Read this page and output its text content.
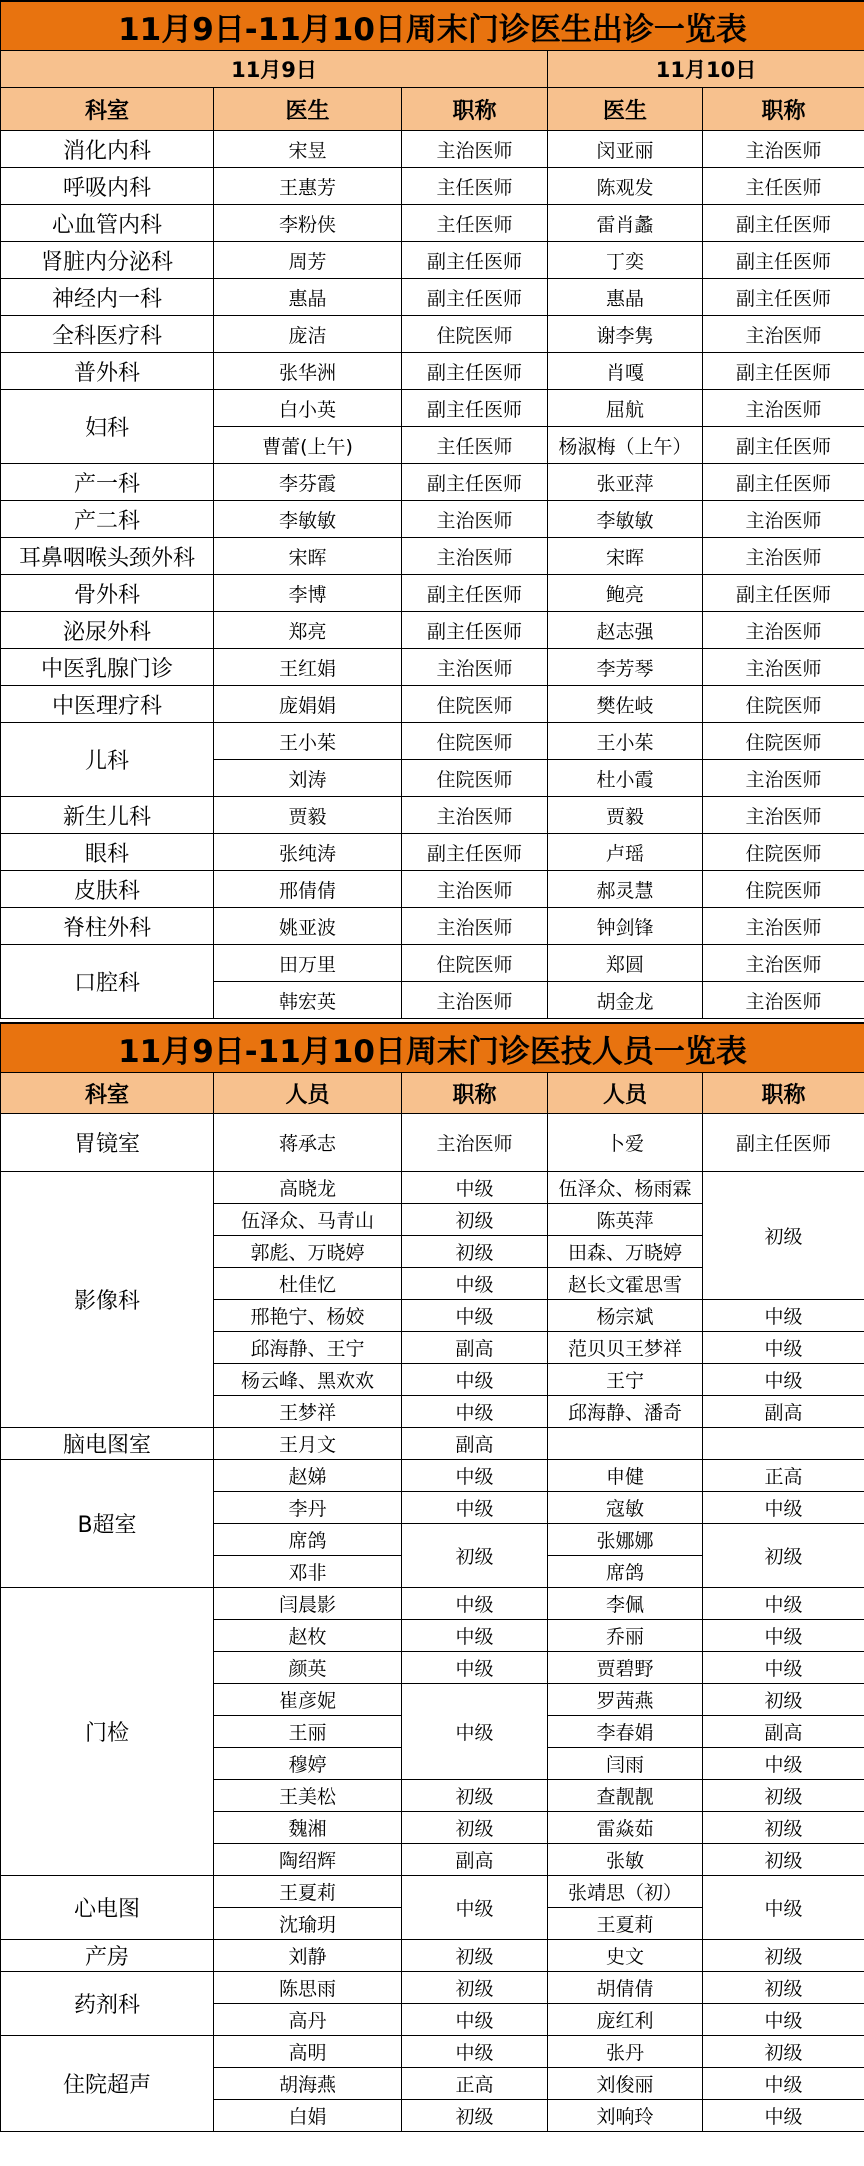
11月9日-11月10日周末门诊医生出诊一览表				
11月9日			11月10日	
科室	医生	职称	医生	职称
消化内科	宋昱	主治医师	闵亚丽	主治医师
呼吸内科	王惠芳	主任医师	陈观发	主任医师
心血管内科	李粉侠	主任医师	雷肖蠡	副主任医师
肾脏内分泌科	周芳	副主任医师	丁奕	副主任医师
神经内一科	惠晶	副主任医师	惠晶	副主任医师
全科医疗科	庞洁	住院医师	谢李隽	主治医师
普外科	张华洲	副主任医师	肖嘎	副主任医师
妇科	白小英	副主任医师	屈航	主治医师
	曹蕾(上午)	主任医师	杨淑梅（上午）	副主任医师
产一科	李芬霞	副主任医师	张亚萍	副主任医师
产二科	李敏敏	主治医师	李敏敏	主治医师
耳鼻咽喉头颈外科	宋晖	主治医师	宋晖	主治医师
骨外科	李博	副主任医师	鲍亮	副主任医师
泌尿外科	郑亮	副主任医师	赵志强	主治医师
中医乳腺门诊	王红娟	主治医师	李芳琴	主治医师
中医理疗科	庞娟娟	住院医师	樊佐岐	住院医师
儿科	王小茱	住院医师	王小茱	住院医师
	刘涛	住院医师	杜小霞	主治医师
新生儿科	贾毅	主治医师	贾毅	主治医师
眼科	张纯涛	副主任医师	卢瑶	住院医师
皮肤科	邢倩倩	主治医师	郝灵慧	住院医师
脊柱外科	姚亚波	主治医师	钟剑锋	主治医师
口腔科	田万里	住院医师	郑圆	主治医师
	韩宏英	主治医师	胡金龙	主治医师
11月9日-11月10日周末门诊医技人员一览表				
科室	人员	职称	人员	职称
胃镜室	蒋承志	主治医师	卜爱	副主任医师
影像科	高晓龙	中级	伍泽众、杨雨霖	初级
	伍泽众、马青山	初级	陈英萍	
	郭彪、万晓婷	初级	田森、万晓婷	
	杜佳忆	中级	赵长文霍思雪	
	邢艳宁、杨姣	中级	杨宗斌	中级
	邱海静、王宁	副高	范贝贝王梦祥	中级
	杨云峰、黑欢欢	中级	王宁	中级
	王梦祥	中级	邱海静、潘奇	副高
脑电图室	王月文	副高		
B超室	赵娣	中级	申健	正高
	李丹	中级	寇敏	中级
	席鸽	初级	张娜娜	初级
	邓非		席鸽	
门检	闫晨影	中级	李佩	中级
	赵枚	中级	乔丽	中级
	颜英	中级	贾碧野	中级
	崔彦妮	中级	罗茜燕	初级
	王丽		李春娟	副高
	穆婷		闫雨	中级
	王美松	初级	查靓靓	初级
	魏湘	初级	雷焱茹	初级
	陶绍辉	副高	张敏	初级
心电图	王夏莉	中级	张靖思（初）	中级
	沈瑜玥		王夏莉	
产房	刘静	初级	史文	初级
药剂科	陈思雨	初级	胡倩倩	初级
	高丹	中级	庞红利	中级
住院超声	高明	中级	张丹	初级
	胡海燕	正高	刘俊丽	中级
	白娟	初级	刘响玲	中级
